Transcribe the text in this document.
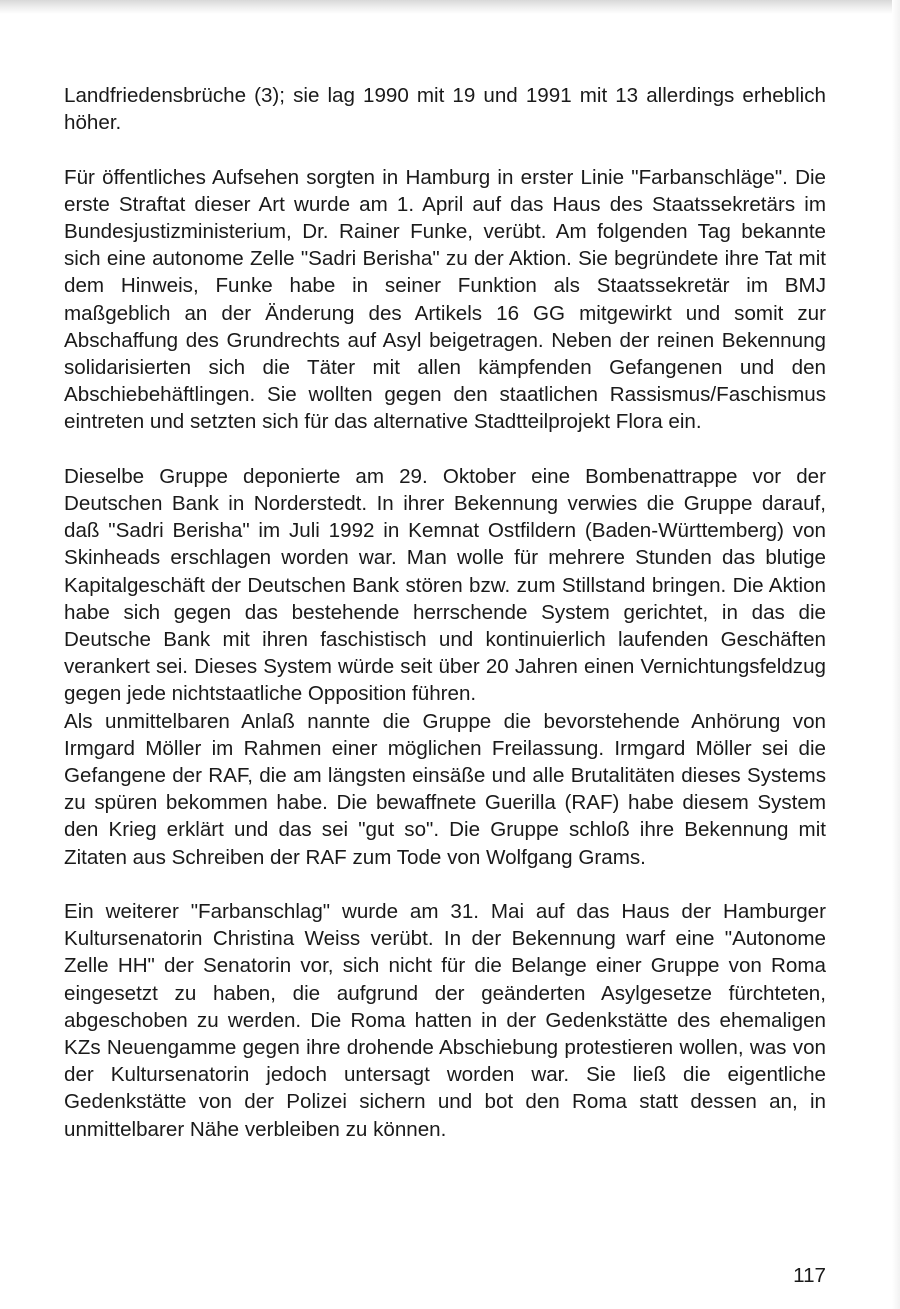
Landfriedensbrüche (3); sie lag 1990 mit 19 und 1991 mit 13 allerdings erheblich höher.

Für öffentliches Aufsehen sorgten in Hamburg in erster Linie "Farbanschläge". Die erste Straftat dieser Art wurde am 1. April auf das Haus des Staatssekretärs im Bundesjustizministerium, Dr. Rainer Funke, verübt. Am folgenden Tag bekannte sich eine autonome Zelle "Sadri Berisha" zu der Aktion. Sie begründete ihre Tat mit dem Hinweis, Funke habe in seiner Funktion als Staatssekretär im BMJ maßgeblich an der Änderung des Artikels 16 GG mitgewirkt und somit zur Abschaffung des Grundrechts auf Asyl beigetragen. Neben der reinen Bekennung solidarisierten sich die Täter mit allen kämpfenden Gefangenen und den Abschiebehäftlingen. Sie wollten gegen den staatlichen Rassismus/Faschismus eintreten und setzten sich für das alternative Stadtteilprojekt Flora ein.

Dieselbe Gruppe deponierte am 29. Oktober eine Bombenattrappe vor der Deutschen Bank in Norderstedt. In ihrer Bekennung verwies die Gruppe darauf, daß "Sadri Berisha" im Juli 1992 in Kemnat Ostfildern (Baden-Württemberg) von Skinheads erschlagen worden war. Man wolle für mehrere Stunden das blutige Kapitalgeschäft der Deutschen Bank stören bzw. zum Stillstand bringen. Die Aktion habe sich gegen das bestehende herrschende System gerichtet, in das die Deutsche Bank mit ihren faschistisch und kontinuierlich laufenden Geschäften verankert sei. Dieses System würde seit über 20 Jahren einen Vernichtungsfeldzug gegen jede nichtstaatliche Opposition führen.

Als unmittelbaren Anlaß nannte die Gruppe die bevorstehende Anhörung von Irmgard Möller im Rahmen einer möglichen Freilassung. Irmgard Möller sei die Gefangene der RAF, die am längsten einsäße und alle Brutalitäten dieses Systems zu spüren bekommen habe. Die bewaffnete Guerilla (RAF) habe diesem System den Krieg erklärt und das sei "gut so". Die Gruppe schloß ihre Bekennung mit Zitaten aus Schreiben der RAF zum Tode von Wolfgang Grams.

Ein weiterer "Farbanschlag" wurde am 31. Mai auf das Haus der Hamburger Kultursenatorin Christina Weiss verübt. In der Bekennung warf eine "Autonome Zelle HH" der Senatorin vor, sich nicht für die Belange einer Gruppe von Roma eingesetzt zu haben, die aufgrund der geänderten Asylgesetze fürchteten, abgeschoben zu werden. Die Roma hatten in der Gedenkstätte des ehemaligen KZs Neuengamme gegen ihre drohende Abschiebung protestieren wollen, was von der Kultursenatorin jedoch untersagt worden war. Sie ließ die eigentliche Gedenkstätte von der Polizei sichern und bot den Roma statt dessen an, in unmittelbarer Nähe verbleiben zu können.

117
